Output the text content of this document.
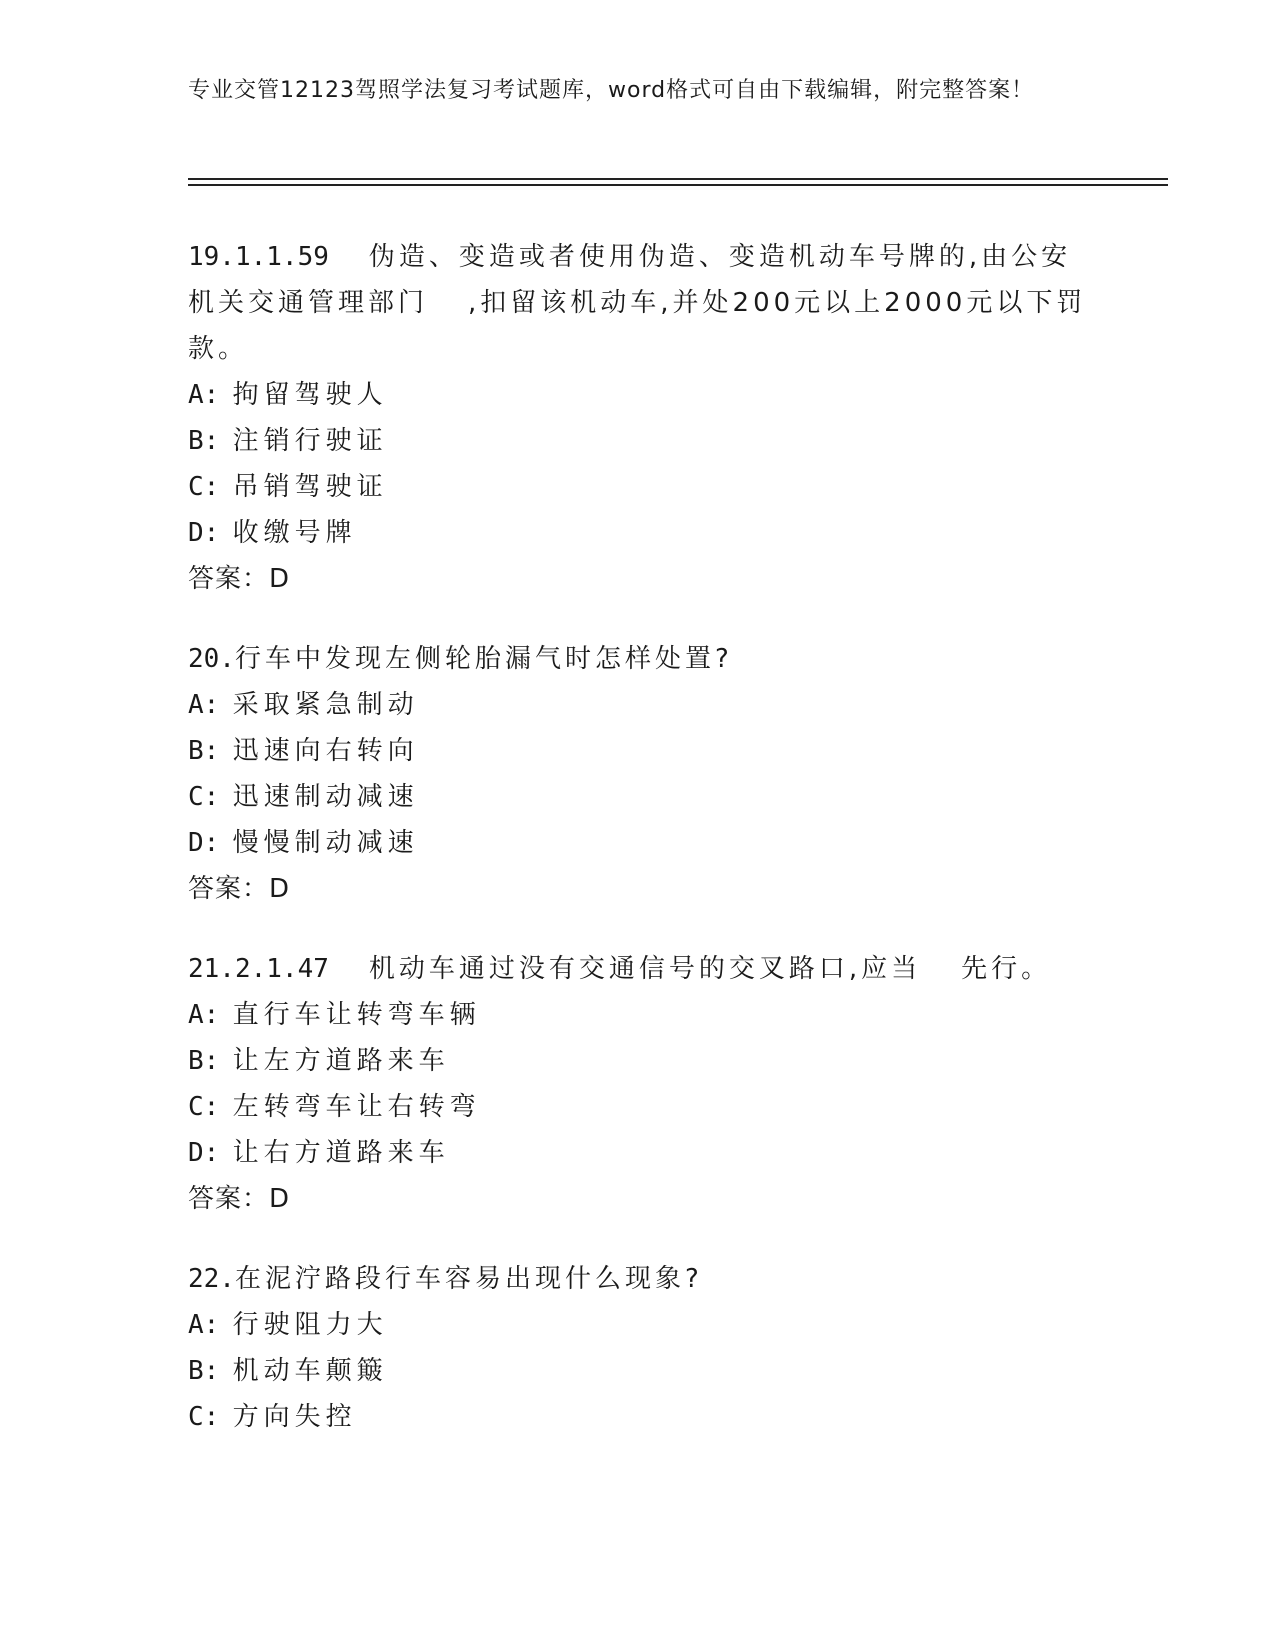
专业交管12123驾照学法复习考试题库，word格式可自由下载编辑，附完整答案！

19.1.1.59 伪造、变造或者使用伪造、变造机动车号牌的,由公安机关交通管理部门 ,扣留该机动车,并处200元以上2000元以下罚款。

A: 拘留驾驶人

B: 注销行驶证

C: 吊销驾驶证

D: 收缴号牌

答案：D

20.行车中发现左侧轮胎漏气时怎样处置?

A: 采取紧急制动

B: 迅速向右转向

C: 迅速制动减速

D: 慢慢制动减速

答案：D

21.2.1.47 机动车通过没有交通信号的交叉路口,应当 先行。

A: 直行车让转弯车辆

B: 让左方道路来车

C: 左转弯车让右转弯

D: 让右方道路来车

答案：D

22.在泥泞路段行车容易出现什么现象?

A: 行驶阻力大

B: 机动车颠簸

C: 方向失控
